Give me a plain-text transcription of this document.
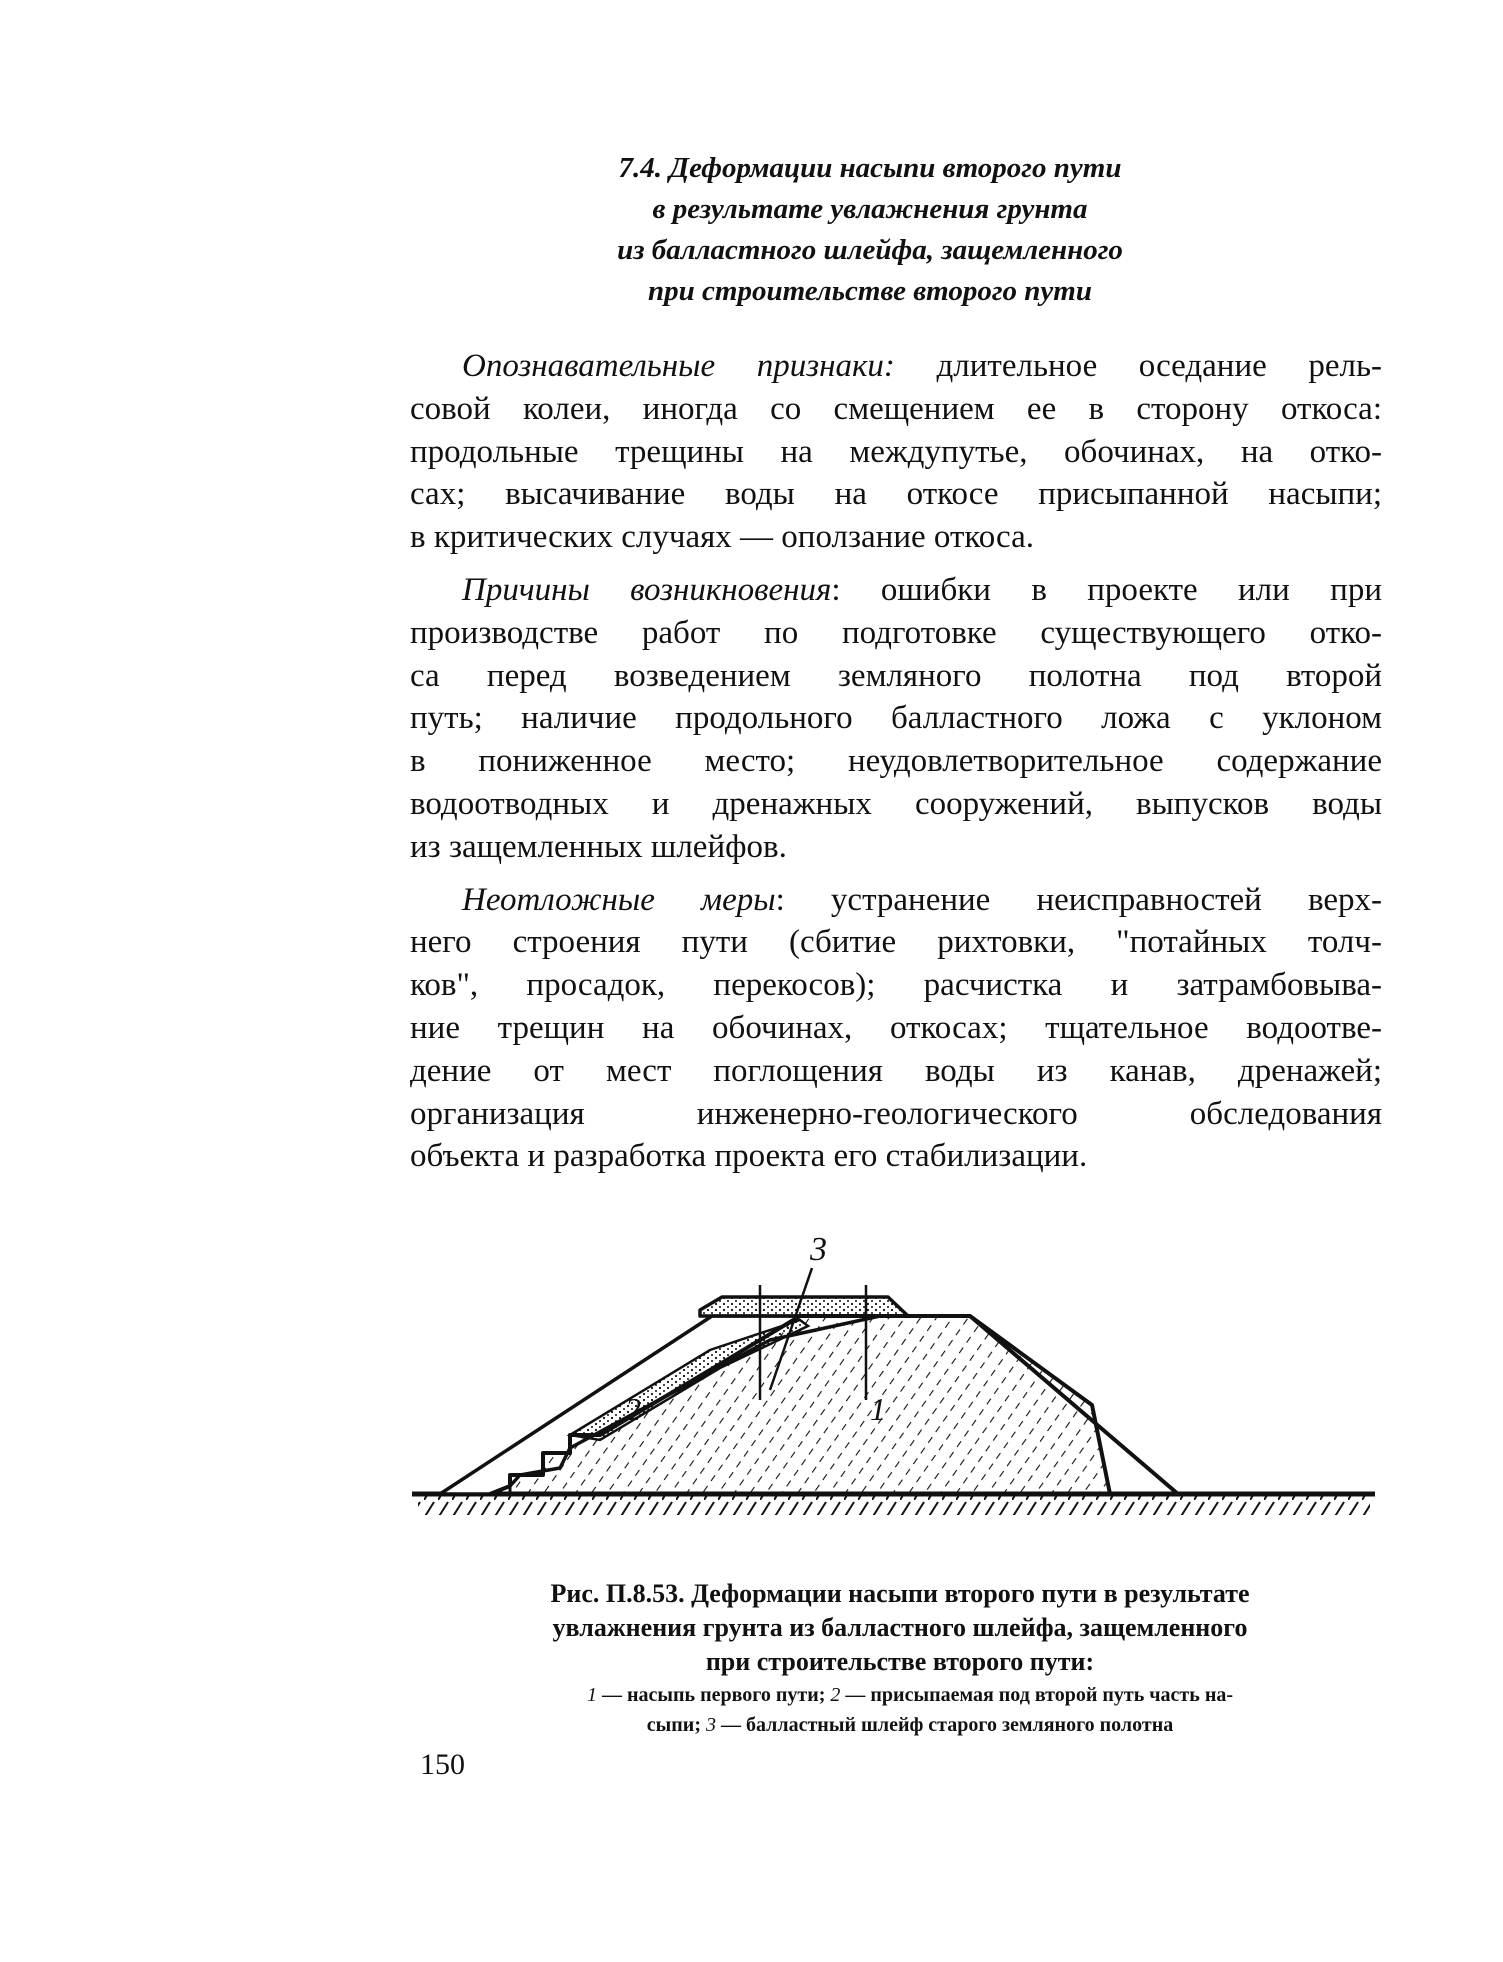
7.4. Деформации насыпи второго пути
в результате увлажнения грунта
из балластного шлейфа, защемленного
при строительстве второго пути

Опознавательные признаки: длительное оседание рель-
совой колеи, иногда со смещением ее в сторону откоса:
продольные трещины на междупутье, обочинах, на отко-
сах; высачивание воды на откосе присыпанной насыпи;
в критических случаях — оползание откоса.

Причины возникновения: ошибки в проекте или при
производстве работ по подготовке существующего отко-
са перед возведением земляного полотна под второй
путь; наличие продольного балластного ложа с уклоном
в пониженное место; неудовлетворительное содержание
водоотводных и дренажных сооружений, выпусков воды
из защемленных шлейфов.

Неотложные меры: устранение неисправностей верх-
него строения пути (сбитие рихтовки, "потайных толч-
ков", просадок, перекосов); расчистка и затрамбовыва-
ние трещин на обочинах, откосах; тщательное водоотве-
дение от мест поглощения воды из канав, дренажей;
организация инженерно-геологического обследования
объекта и разработка проекта его стабилизации.

3
2	1

Рис. П.8.53. Деформации насыпи второго пути в результате
увлажнения грунта из балластного шлейфа, защемленного
при строительстве второго пути:

1 — насыпь первого пути; 2 — присыпаемая под второй путь часть на-
сыпи; 3 — балластный шлейф старого земляного полотна

150
